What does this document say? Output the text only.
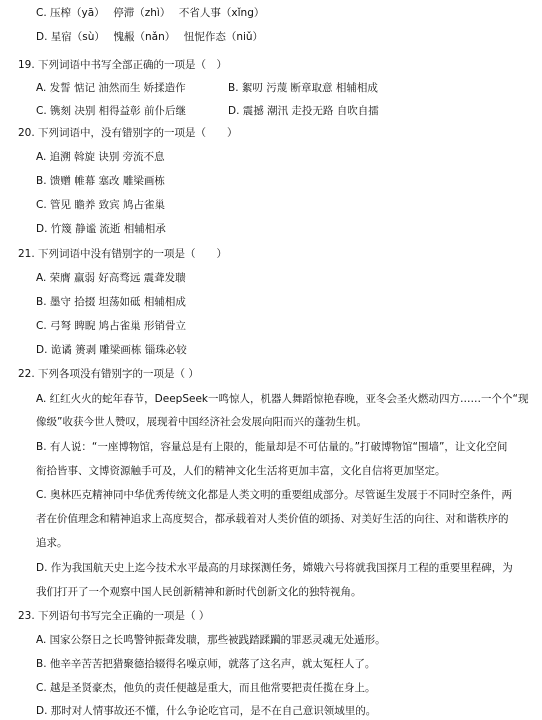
C. 压榨（yā）　 停滞（zhì）　 不省人事（xǐng）
D. 星宿（sù）　 愧赧（nǎn）　 忸怩作态（niǔ）
19. 下列词语中书写全部正确的一项是（　）
A. 发誓 惦记 油然而生 娇揉造作	B. 絮叨 污蔑 断章取意 相辅相成
C. 镌刻 决别 相得益彰 前仆后继	D. 震撼 潮汛 走投无路 自吹自擂
20. 下列词语中，没有错别字的一项是（　　）
A. 追溯 斡旋 诀别 旁流不息
B. 馈赠 帷幕 塞改 雕梁画栋
C. 管见 瞻养 致宾 鸠占雀巢
D. 竹篾 静谧 流逝 相辅相承
21. 下列词语中没有错别字的一项是（　　）
A. 荣膺 羸弱 好高骛远 震聋发聩
B. 墨守 拾掇 坦荡如砥 相辅相成
C. 弓弩 睥睨 鸠占雀巢 形销骨立
D. 诡谲 箦剥 雕梁画栋 锱珠必较
22. 下列各项没有错别字的一项是（ ）
A. 红红火火的蛇年春节，DeepSeek一鸣惊人，机器人舞蹈惊艳春晚，亚冬会圣火燃动四方……一个个“现
像级”收获今世人赞叹，展现着中国经济社会发展向阳而兴的蓬勃生机。
B. 有人说：“一座博物馆，容量总是有上限的，能量却是不可估量的。”打破博物馆“围墙”，让文化空间
衔拾皆事、文博资源触手可及，人们的精神文化生活将更加丰富，文化自信将更加坚定。
C. 奥林匹克精神同中华优秀传统文化都是人类文明的重要组成部分。尽管诞生发展于不同时空条件，两
者在价值理念和精神追求上高度契合，都承载着对人类价值的颂扬、对美好生活的向往、对和谐秩序的
追求。
D. 作为我国航天史上迄今技术水平最高的月球探测任务，嫦娥六号将就我国探月工程的重要里程碑，为
我们打开了一个观察中国人民创新精神和新时代创新文化的独特视角。
23. 下列语句书写完全正确的一项是（ ）
A. 国家公祭日之长鸣警钟振聋发聩，那些被践踏蹂躏的罪恶灵魂无处遁形。
B. 他辛辛苦苦把猎聚德拾辍得名噪京师，就落了这名声，就太冤枉人了。
C. 越是圣贤豪杰，他负的责任便越是重大，而且他常要把责任揽在身上。
D. 那时对人情事故还不懂，什么争论吃官司，是不在自己意识领域里的。
